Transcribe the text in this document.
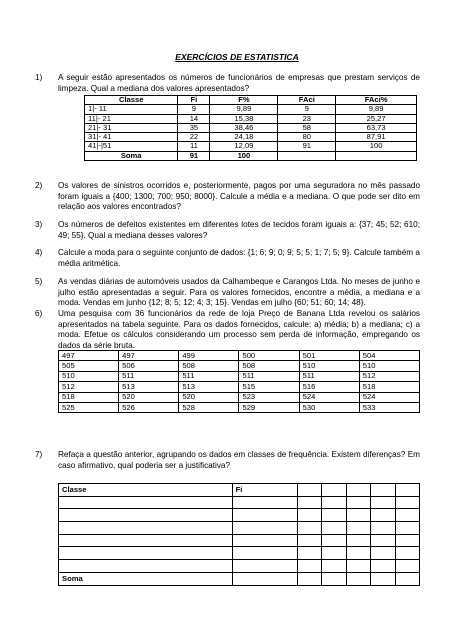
EXERCÍCIOS DE ESTATISTICA
1) A seguir estão apresentados os números de funcionários de empresas que prestam serviços de limpeza. Qual a mediana dos valores apresentados?
Classe	Fi	F%	FAci	FAci%
1|- 11	9	9,89	9	9,89
11|- 21	14	15,38	23	25,27
21|- 31	35	38,46	58	63,73
31|- 41	22	24,18	80	87,91
41|-|51	11	12,09	91	100
Soma	91	100		
2) Os valores de sinistros ocorridos e, posteriormente, pagos por uma seguradora no mês passado foram iguais a {400; 1300; 700; 950; 8000}. Calcule a média e a mediana. O que pode ser dito em relação aos valores encontrados?
3) Os números de defeitos existentes em diferentes lotes de tecidos foram iguais a: {37; 45; 52; 610; 49; 55}. Qual a mediana desses valores?
4) Calcule a moda para o seguinte conjunto de dados: {1; 6; 9; 0; 9; 5; 5; 1; 7; 5; 9}. Calcule também a média aritmética.
5) As vendas diárias de automóveis usados da Calhambeque e Carangos Ltda. No meses de junho e julho estão apresentadas a seguir. Para os valores fornecidos, encontre a média, a mediana e a moda. Vendas em junho {12; 8; 5; 12; 4; 3; 15}. Vendas em julho {60; 51; 60; 14; 48}.
6) Uma pesquisa com 36 funcionários da rede de loja Preço de Banana Ltda revelou os salários apresentados na tabela seguinte. Para os dados fornecidos, calcule: a) média; b) a mediana; c) a moda. Efetue os cálculos considerando um processo sem perda de informação, empregando os dados da série bruta.
497	497	499	500	501	504
505	506	508	508	510	510
510	511	511	511	511	512
512	513	513	515	516	518
518	520	520	523	524	524
525	526	528	529	530	533
7) Refaça a questão anterior, agrupando os dados em classes de frequência. Existem diferenças? Em caso afirmativo, qual poderia ser a justificativa?
Classe	Fi					

Soma						
